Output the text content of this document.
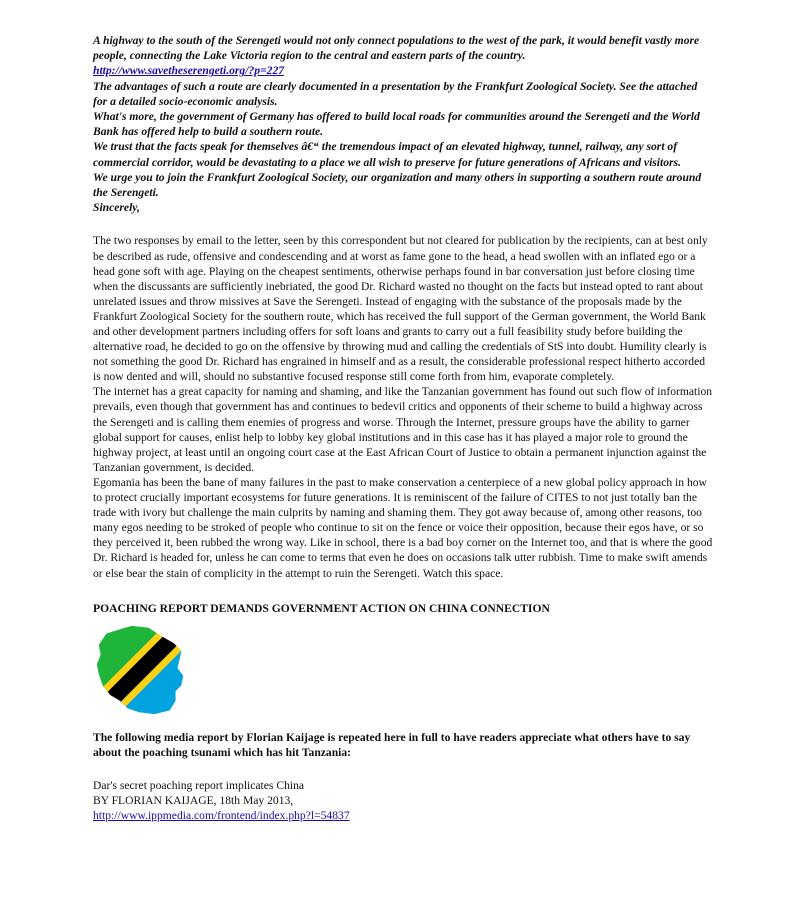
A highway to the south of the Serengeti would not only connect populations to the west of the park, it would benefit vastly more people, connecting the Lake Victoria region to the central and eastern parts of the country.

http://www.savetheserengeti.org/?p=227

The advantages of such a route are clearly documented in a presentation by the Frankfurt Zoological Society. See the attached for a detailed socio-economic analysis.

What's more, the government of Germany has offered to build local roads for communities around the Serengeti and the World Bank has offered help to build a southern route.

We trust that the facts speak for themselves â€“ the tremendous impact of an elevated highway, tunnel, railway, any sort of commercial corridor, would be devastating to a place we all wish to preserve for future generations of Africans and visitors.

We urge you to join the Frankfurt Zoological Society, our organization and many others in supporting a southern route around the Serengeti.

Sincerely,

The two responses by email to the letter, seen by this correspondent but not cleared for publication by the recipients, can at best only be described as rude, offensive and condescending and at worst as fame gone to the head, a head swollen with an inflated ego or a head gone soft with age. Playing on the cheapest sentiments, otherwise perhaps found in bar conversation just before closing time when the discussants are sufficiently inebriated, the good Dr. Richard wasted no thought on the facts but instead opted to rant about unrelated issues and throw missives at Save the Serengeti. Instead of engaging with the substance of the proposals made by the Frankfurt Zoological Society for the southern route, which has received the full support of the German government, the World Bank and other development partners including offers for soft loans and grants to carry out a full feasibility study before building the alternative road, he decided to go on the offensive by throwing mud and calling the credentials of StS into doubt. Humility clearly is not something the good Dr. Richard has engrained in himself and as a result, the considerable professional respect hitherto accorded is now dented and will, should no substantive focused response still come forth from him, evaporate completely.

The internet has a great capacity for naming and shaming, and like the Tanzanian government has found out such flow of information prevails, even though that government has and continues to bedevil critics and opponents of their scheme to build a highway across the Serengeti and is calling them enemies of progress and worse. Through the Internet, pressure groups have the ability to garner global support for causes, enlist help to lobby key global institutions and in this case has it has played a major role to ground the highway project, at least until an ongoing court case at the East African Court of Justice to obtain a permanent injunction against the Tanzanian government, is decided.

Egomania has been the bane of many failures in the past to make conservation a centerpiece of a new global policy approach in how to protect crucially important ecosystems for future generations. It is reminiscent of the failure of CITES to not just totally ban the trade with ivory but challenge the main culprits by naming and shaming them. They got away because of, among other reasons, too many egos needing to be stroked of people who continue to sit on the fence or voice their opposition, because their egos have, or so they perceived it, been rubbed the wrong way. Like in school, there is a bad boy corner on the Internet too, and that is where the good Dr. Richard is headed for, unless he can come to terms that even he does on occasions talk utter rubbish. Time to make swift amends or else bear the stain of complicity in the attempt to ruin the Serengeti. Watch this space.

POACHING REPORT DEMANDS GOVERNMENT ACTION ON CHINA CONNECTION

The following media report by Florian Kaijage is repeated here in full to have readers appreciate what others have to say about the poaching tsunami which has hit Tanzania:

Dar's secret poaching report implicates China

BY FLORIAN KAIJAGE, 18th May 2013,

http://www.ippmedia.com/frontend/index.php?l=54837
